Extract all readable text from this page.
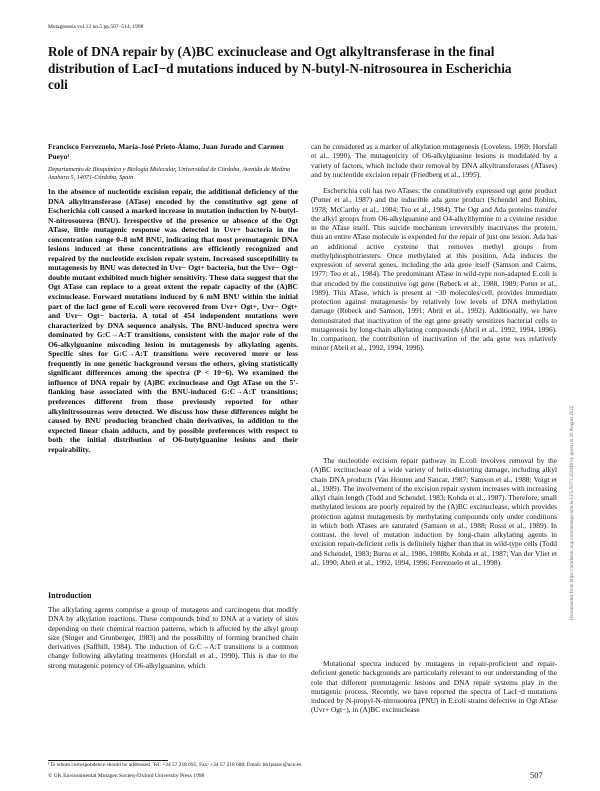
Mutagenesis vol.13 no.5 pp.507–514, 1998
Role of DNA repair by (A)BC excinuclease and Ogt alkyltransferase in the final distribution of LacI−d mutations induced by N-butyl-N-nitrosourea in Escherichia coli
Francisco Ferrezuelo, María-José Prieto-Álamo, Juan Jurado and Carmen Pueyo¹
Departamento de Bioquímica y Biología Molecular, Universidad de Córdoba, Avenida de Medina Azahara 5, 14071-Córdoba, Spain
In the absence of nucleotide excision repair, the additional deficiency of the DNA alkyltransferase (ATase) encoded by the constitutive ogt gene of Escherichia coli caused a marked increase in mutation induction by N-butyl-N-nitrosourea (BNU). Irrespective of the presence or absence of the Ogt ATase, little mutagenic response was detected in Uvr+ bacteria in the concentration range 0–8 mM BNU, indicating that most premutagenic DNA lesions induced at these concentrations are efficiently recognized and repaired by the nucleotide excision repair system. Increased susceptibility to mutagenesis by BNU was detected in Uvr− Ogt+ bacteria, but the Uvr− Ogt− double mutant exhibited much higher sensitivity. These data suggest that the Ogt ATase can replace to a great extent the repair capacity of the (A)BC excinuclease. Forward mutations induced by 6 mM BNU within the initial part of the lacI gene of E.coli were recovered from Uvr+ Ogt+, Uvr− Ogt+ and Uvr− Ogt− bacteria. A total of 454 independent mutations were characterized by DNA sequence analysis. The BNU-induced spectra were dominated by G:C→A:T transitions, consistent with the major role of the O6-alkylguanine miscoding lesion in mutagenesis by alkylating agents. Specific sites for G:C→A:T transitions were recovered more or less frequently in one genetic background versus the others, giving statistically significant differences among the spectra (P < 10−6). We examined the influence of DNA repair by (A)BC excinuclease and Ogt ATase on the 5′-flanking base associated with the BNU-induced G:C→A:T transitions; preferences different from those previously reported for other alkylnitrosoureas were detected. We discuss how these differences might be caused by BNU producing branched chain derivatives, in addition to the expected linear chain adducts, and by possible preferences with respect to both the initial distribution of O6-butylguanine lesions and their repairability.
Introduction
The alkylating agents comprise a group of mutagens and carcinogens that modify DNA by alkylation reactions. These compounds bind to DNA at a variety of sites depending on their chemical reaction patterns, which is affected by the alkyl group size (Singer and Grunberger, 1983) and the possibility of forming branched chain derivatives (Saffhill, 1984). The induction of G:C→A:T transitions is a common change following alkylating treatments (Horsfall et al., 1990). This is due to the strong mutagenic potency of O6-alkylguanine, which
¹To whom correspondence should be addressed. Tel: +34 57 218 695; Fax: +34 57 218 688; Email: bb1puarc@uco.es
© UK Environmental Mutagen Society/Oxford University Press 1998
can be considered as a marker of alkylation mutagenesis (Loveless, 1969; Horsfall et al., 1990). The mutagenicity of O6-alkylguanine lesions is modulated by a variety of factors, which include their removal by DNA alkyltransferases (ATases) and by nucleotide excision repair (Friedberg et al., 1995).
Escherichia coli has two ATases: the constitutively expressed ogt gene product (Potter et al., 1987) and the inducible ada gene product (Schendel and Robins, 1978; McCarthy et al., 1984; Teo et al., 1984). The Ogt and Ada proteins transfer the alkyl groups from O6-alkylguanine and O4-alkylthymine to a cysteine residue in the ATase itself. This suicide mechanism irreversibly inactivates the protein, thus an entire ATase molecule is expended for the repair of just one lesion. Ada has an additional active cysteine that removes methyl groups from methylphosphotriesters. Once methylated at this position, Ada induces the expression of several genes, including the ada gene itself (Samson and Cairns, 1977; Teo et al., 1984). The predominant ATase in wild-type non-adapted E.coli is that encoded by the constitutive ogt gene (Rebeck et al., 1988, 1989; Potter et al., 1989). This ATase, which is present at ~30 molecules/cell, provides immediate protection against mutagenesis by relatively low levels of DNA methylation damage (Rebeck and Samson, 1991; Abril et al., 1992). Additionally, we have demonstrated that inactivation of the ogt gene greatly sensitizes bacterial cells to mutagenesis by long-chain alkylating compounds (Abril et al., 1992, 1994, 1996). In comparison, the contribution of inactivation of the ada gene was relatively minor (Abril et al., 1992, 1994, 1996).
The nucleotide excision repair pathway in E.coli involves removal by the (A)BC excinuclease of a wide variety of helix-distorting damage, including alkyl chain DNA products (Van Houten and Sancar, 1987; Samson et al., 1988; Voigt et al., 1989). The involvement of the excision repair system increases with increasing alkyl chain length (Todd and Schendel, 1983; Kohda et al., 1987). Therefore, small methylated lesions are poorly repaired by the (A)BC excinuclease, which provides protection against mutagenesis by methylating compounds only under conditions in which both ATases are saturated (Samson et al., 1988; Rossi et al., 1989). In contrast, the level of mutation induction by long-chain alkylating agents in excision repair-deficient cells is definitely higher than that in wild-type cells (Todd and Schendel, 1983; Burns et al., 1986, 1988b; Kohda et al., 1987; Van der Vliet et al., 1990; Abril et al., 1992, 1994, 1996; Ferrezuelo et al., 1998).
Mutational spectra induced by mutagens in repair-proficient and repair-deficient genetic backgrounds are particularly relevant to our understanding of the role that different premutagenic lesions and DNA repair systems play in the mutagenic process. Recently, we have reported the spectra of LacI−d mutations induced by N-propyl-N-nitrosourea (PNU) in E.coli strains defective in Ogt ATase (Uvr+ Ogt−), in (A)BC excinuclease
507
Downloaded from https://academic.oup.com/mutage/article/13/5/507/1102946 by guest on 20 August 2022
